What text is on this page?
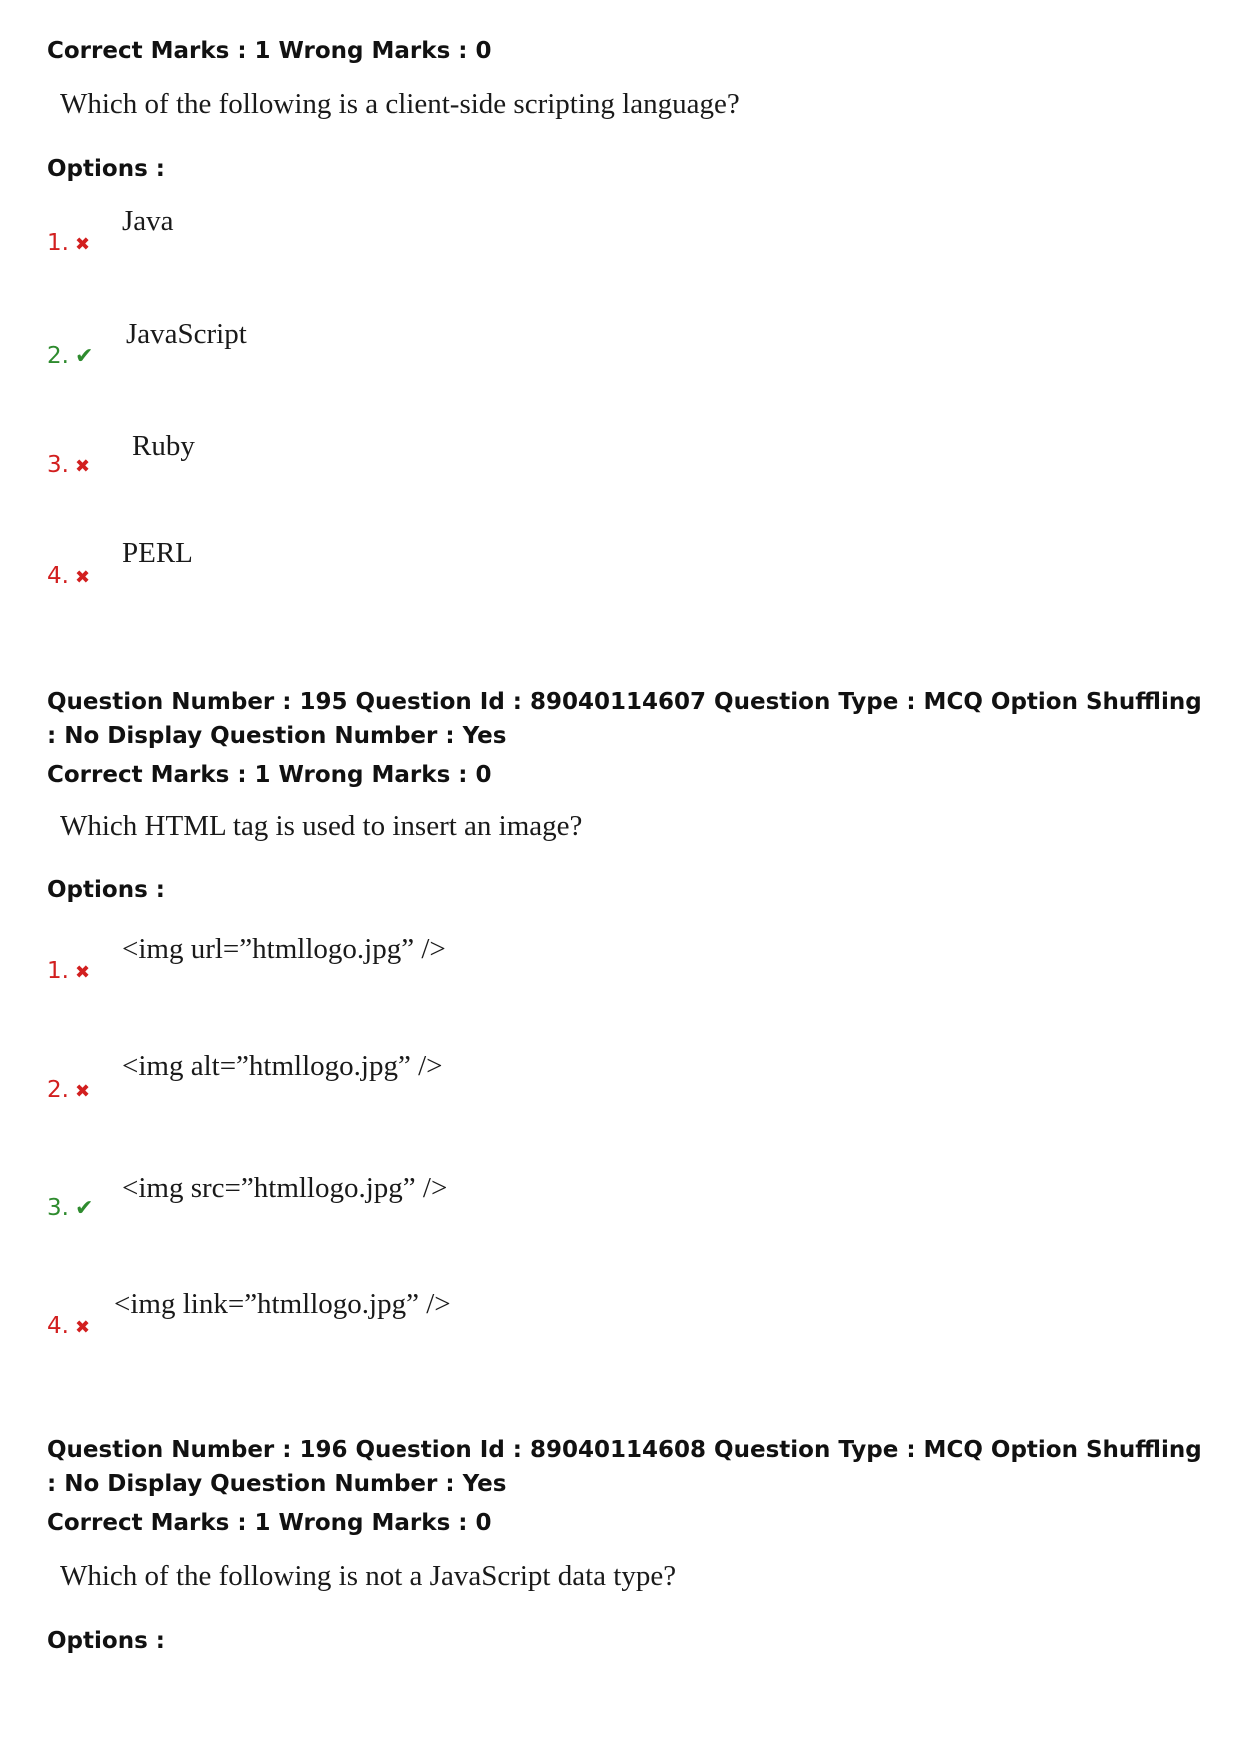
Correct Marks : 1 Wrong Marks : 0

Which of the following is a client-side scripting language?

Options :

1. ✖
Java
2. ✔
JavaScript
3. ✖
Ruby
4. ✖
PERL

Question Number : 195 Question Id : 89040114607 Question Type : MCQ Option Shuffling : No Display Question Number : Yes

Correct Marks : 1 Wrong Marks : 0

Which HTML tag is used to insert an image?

Options :

1. ✖
<img url=”htmllogo.jpg” />
2. ✖
<img alt=”htmllogo.jpg” />
3. ✔
<img src=”htmllogo.jpg” />
4. ✖
<img link=”htmllogo.jpg” />

Question Number : 196 Question Id : 89040114608 Question Type : MCQ Option Shuffling : No Display Question Number : Yes

Correct Marks : 1 Wrong Marks : 0

Which of the following is not a JavaScript data type?

Options :
